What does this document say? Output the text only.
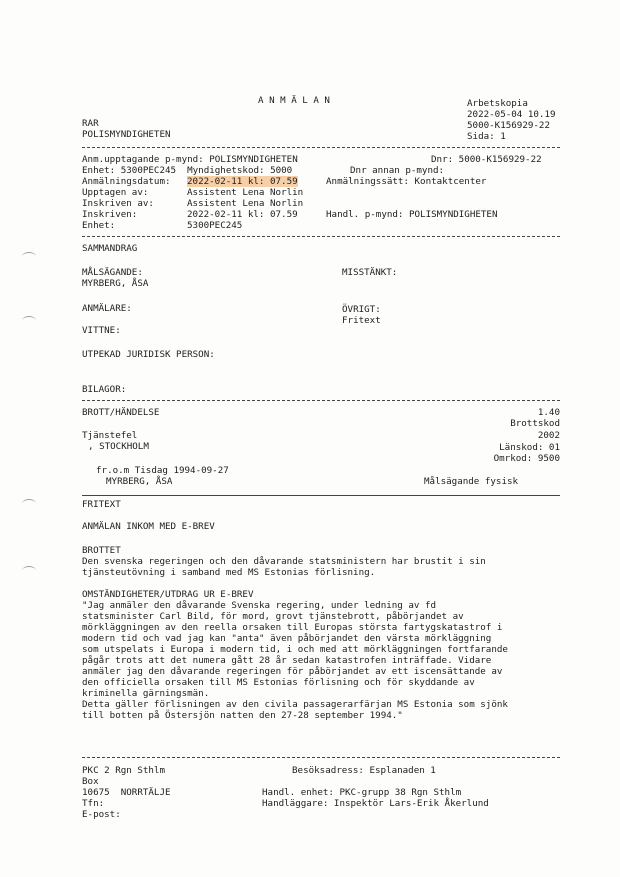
A N M Ä L A N	Arbetskopia
2022-05-04 10.19
RAR	5000-K156929-22
POLISMYNDIGHETEN	Sida: 1
Anm.upptagande p-mynd: POLISMYNDIGHETEN	Dnr: 5000-K156929-22
Enhet: 5300PEC245  Myndighetskod: 5000	Dnr annan p-mynd:
Anmälningsdatum: 2022-02-11 kl: 07.59	Anmälningssätt: Kontaktcenter
Upptagen av:	Assistent Lena Norlin
Inskriven av:	Assistent Lena Norlin
Inskriven:	2022-02-11 kl: 07.59	Handl. p-mynd: POLISMYNDIGHETEN
Enhet:	5300PEC245
SAMMANDRAG
MÅLSÄGANDE:	MISSTÄNKT:
MYRBERG, ÅSA
ANMÄLARE:	ÖVRIGT:
Fritext
VITTNE:
UTPEKAD JURIDISK PERSON:
BILAGOR:
BROTT/HÄNDELSE	1.40
Brottskod
Tjänstefel	2002
, STOCKHOLM	Länskod: 01
Omrkod: 9500
fr.o.m Tisdag 1994-09-27
MYRBERG, ÅSA	Målsägande fysisk
FRITEXT
ANMÄLAN INKOM MED E-BREV
BROTTET
Den svenska regeringen och den dåvarande statsministern har brustit i sin
tjänsteutövning i samband med MS Estonias förlisning.
OMSTÄNDIGHETER/UTDRAG UR E-BREV
"Jag anmäler den dåvarande Svenska regering, under ledning av fd
statsminister Carl Bild, för mord, grovt tjänstebrott, påbörjandet av
mörkläggningen av den reella orsaken till Europas största fartygskatastrof i
modern tid och vad jag kan "anta" även påbörjandet den värsta mörkläggning
som utspelats i Europa i modern tid, i och med att mörkläggningen fortfarande
pågår trots att det numera gått 28 år sedan katastrofen inträffade. Vidare
anmäler jag den dåvarande regeringen för påbörjandet av ett iscensättande av
den officiella orsaken till MS Estonias förlisning och för skyddande av
kriminella gärningsmän.
Detta gäller förlisningen av den civila passagerarfärjan MS Estonia som sjönk
till botten på Östersjön natten den 27-28 september 1994."
PKC 2 Rgn Sthlm	Besöksadress: Esplanaden 1
Box
10675  NORRTÄLJE	Handl. enhet: PKC-grupp 38 Rgn Sthlm
Tfn:	Handläggare: Inspektör Lars-Erik Åkerlund
E-post:
